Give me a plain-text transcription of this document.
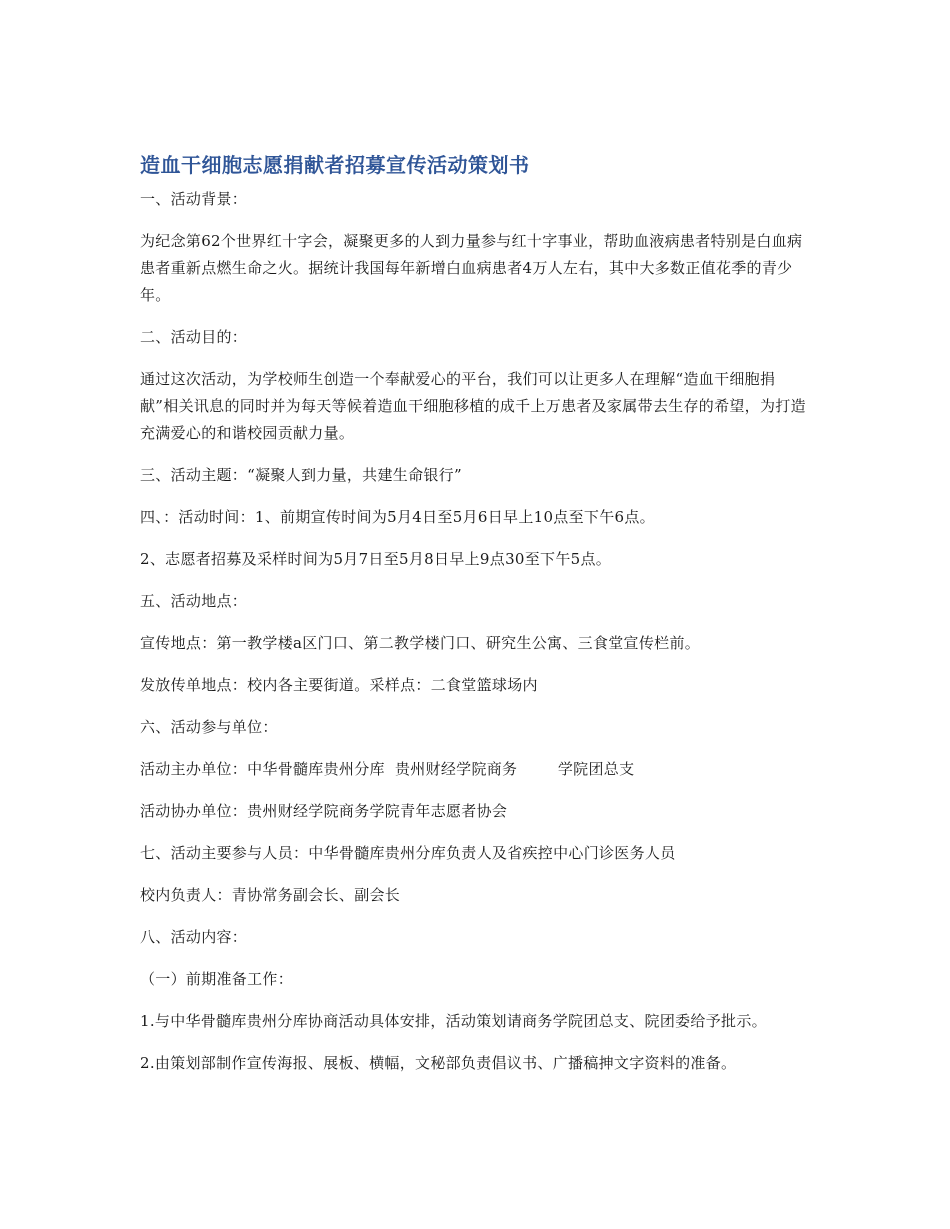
造血干细胞志愿捐献者招募宣传活动策划书

一、活动背景：

为纪念第62个世界红十字会，凝聚更多的人到力量参与红十字事业，帮助血液病患者特别是白血病患者重新点燃生命之火。据统计我国每年新增白血病患者4万人左右，其中大多数正值花季的青少年。

二、活动目的：

通过这次活动，为学校师生创造一个奉献爱心的平台，我们可以让更多人在理解“造血干细胞捐献”相关讯息的同时并为每天等候着造血干细胞移植的成千上万患者及家属带去生存的希望，为打造充满爱心的和谐校园贡献力量。

三、活动主题：“凝聚人到力量，共建生命银行”

四、：活动时间：1、前期宣传时间为5月4日至5月6日早上10点至下午6点。

2、志愿者招募及采样时间为5月7日至5月8日早上9点30至下午5点。

五、活动地点：

宣传地点：第一教学楼a区门口、第二教学楼门口、研究生公寓、三食堂宣传栏前。

发放传单地点：校内各主要街道。采样点：二食堂篮球场内

六、活动参与单位：

活动主办单位：中华骨髓库贵州分库  贵州财经学院商务        学院团总支

活动协办单位：贵州财经学院商务学院青年志愿者协会

七、活动主要参与人员：中华骨髓库贵州分库负责人及省疾控中心门诊医务人员

校内负责人：青协常务副会长、副会长

八、活动内容：

（一）前期准备工作：

1.与中华骨髓库贵州分库协商活动具体安排，活动策划请商务学院团总支、院团委给予批示。

2.由策划部制作宣传海报、展板、横幅，文秘部负责倡议书、广播稿抻文字资料的准备。
